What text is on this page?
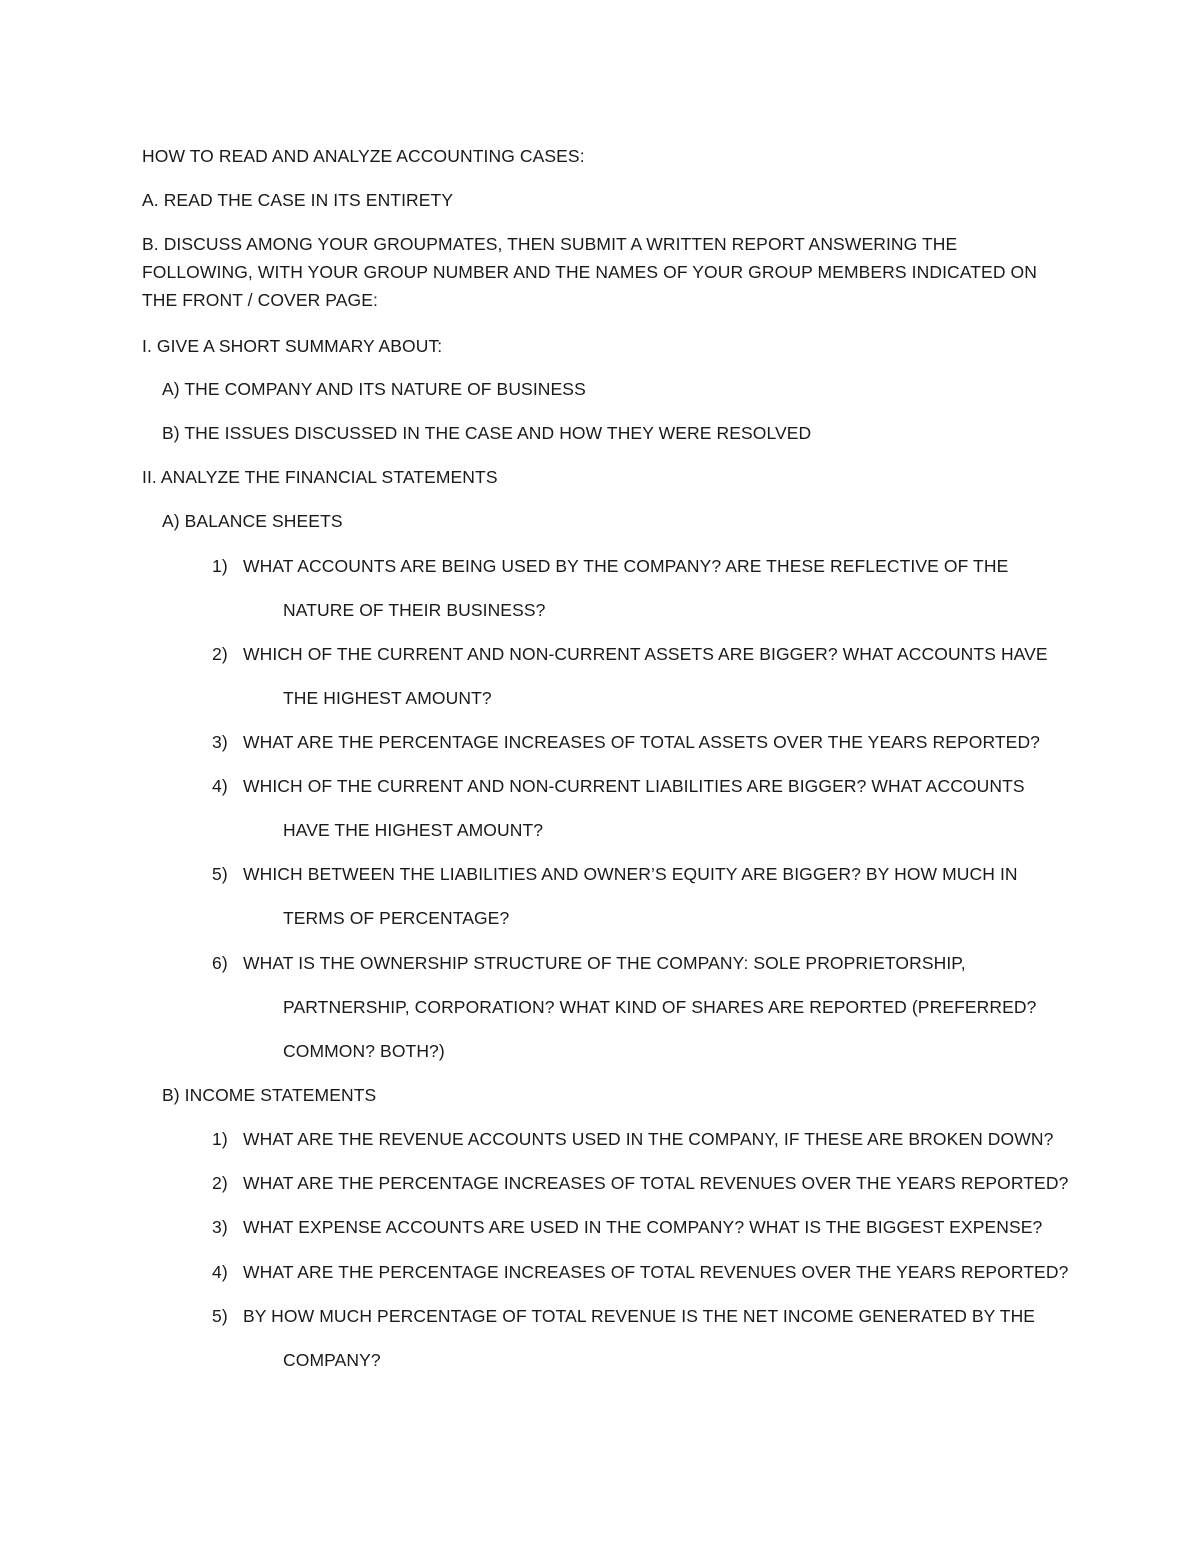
HOW TO READ AND ANALYZE ACCOUNTING CASES:
A. READ THE CASE IN ITS ENTIRETY
B. DISCUSS AMONG YOUR GROUPMATES, THEN SUBMIT A WRITTEN REPORT ANSWERING THE
FOLLOWING, WITH YOUR GROUP NUMBER AND THE NAMES OF YOUR GROUP MEMBERS INDICATED ON
THE FRONT / COVER PAGE:
I. GIVE A SHORT SUMMARY ABOUT:
A) THE COMPANY AND ITS NATURE OF BUSINESS
B) THE ISSUES DISCUSSED IN THE CASE AND HOW THEY WERE RESOLVED
II. ANALYZE THE FINANCIAL STATEMENTS
A) BALANCE SHEETS
1) WHAT ACCOUNTS ARE BEING USED BY THE COMPANY? ARE THESE REFLECTIVE OF THE
NATURE OF THEIR BUSINESS?
2) WHICH OF THE CURRENT AND NON-CURRENT ASSETS ARE BIGGER? WHAT ACCOUNTS HAVE
THE HIGHEST AMOUNT?
3) WHAT ARE THE PERCENTAGE INCREASES OF TOTAL ASSETS OVER THE YEARS REPORTED?
4) WHICH OF THE CURRENT AND NON-CURRENT LIABILITIES ARE BIGGER? WHAT ACCOUNTS
HAVE THE HIGHEST AMOUNT?
5) WHICH BETWEEN THE LIABILITIES AND OWNER’S EQUITY ARE BIGGER? BY HOW MUCH IN
TERMS OF PERCENTAGE?
6) WHAT IS THE OWNERSHIP STRUCTURE OF THE COMPANY: SOLE PROPRIETORSHIP,
PARTNERSHIP, CORPORATION? WHAT KIND OF SHARES ARE REPORTED (PREFERRED?
COMMON? BOTH?)
B) INCOME STATEMENTS
1) WHAT ARE THE REVENUE ACCOUNTS USED IN THE COMPANY, IF THESE ARE BROKEN DOWN?
2) WHAT ARE THE PERCENTAGE INCREASES OF TOTAL REVENUES OVER THE YEARS REPORTED?
3) WHAT EXPENSE ACCOUNTS ARE USED IN THE COMPANY? WHAT IS THE BIGGEST EXPENSE?
4) WHAT ARE THE PERCENTAGE INCREASES OF TOTAL REVENUES OVER THE YEARS REPORTED?
5) BY HOW MUCH PERCENTAGE OF TOTAL REVENUE IS THE NET INCOME GENERATED BY THE
COMPANY?
